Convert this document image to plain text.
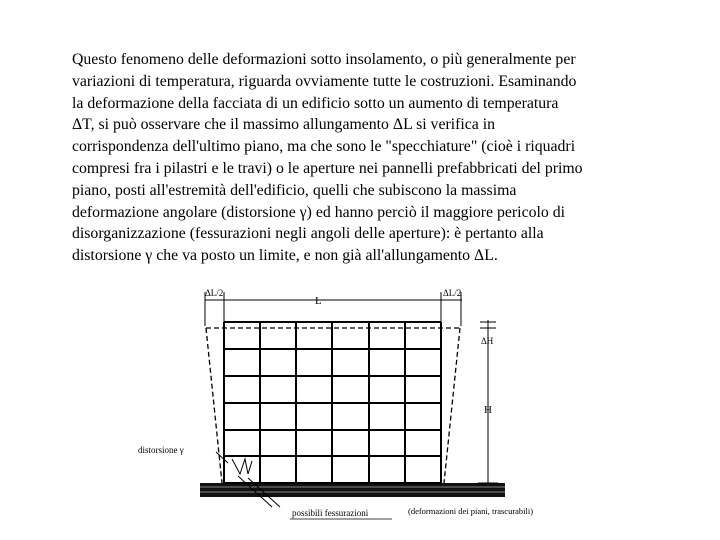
Questo fenomeno delle deformazioni sotto insolamento, o più generalmente per
variazioni di temperatura, riguarda ovviamente tutte le costruzioni. Esaminando
la deformazione della facciata di un edificio sotto un aumento di temperatura
ΔT, si può osservare che il massimo allungamento ΔL si verifica in
corrispondenza dell'ultimo piano, ma che sono le "specchiature" (cioè i riquadri
compresi fra i pilastri e le travi) o le aperture nei pannelli prefabbricati del primo
piano, posti all'estremità dell'edificio, quelli che subiscono la massima
deformazione angolare (distorsione γ) ed hanno perciò il maggiore pericolo di
disorganizzazione (fessurazioni negli angoli delle aperture): è pertanto alla
distorsione γ che va posto un limite, e non già all'allungamento ΔL.
ΔL/2
L
ΔL/2
ΔH
H
distorsione γ
possibili fessurazioni	(deformazioni dei piani, trascurabili)
